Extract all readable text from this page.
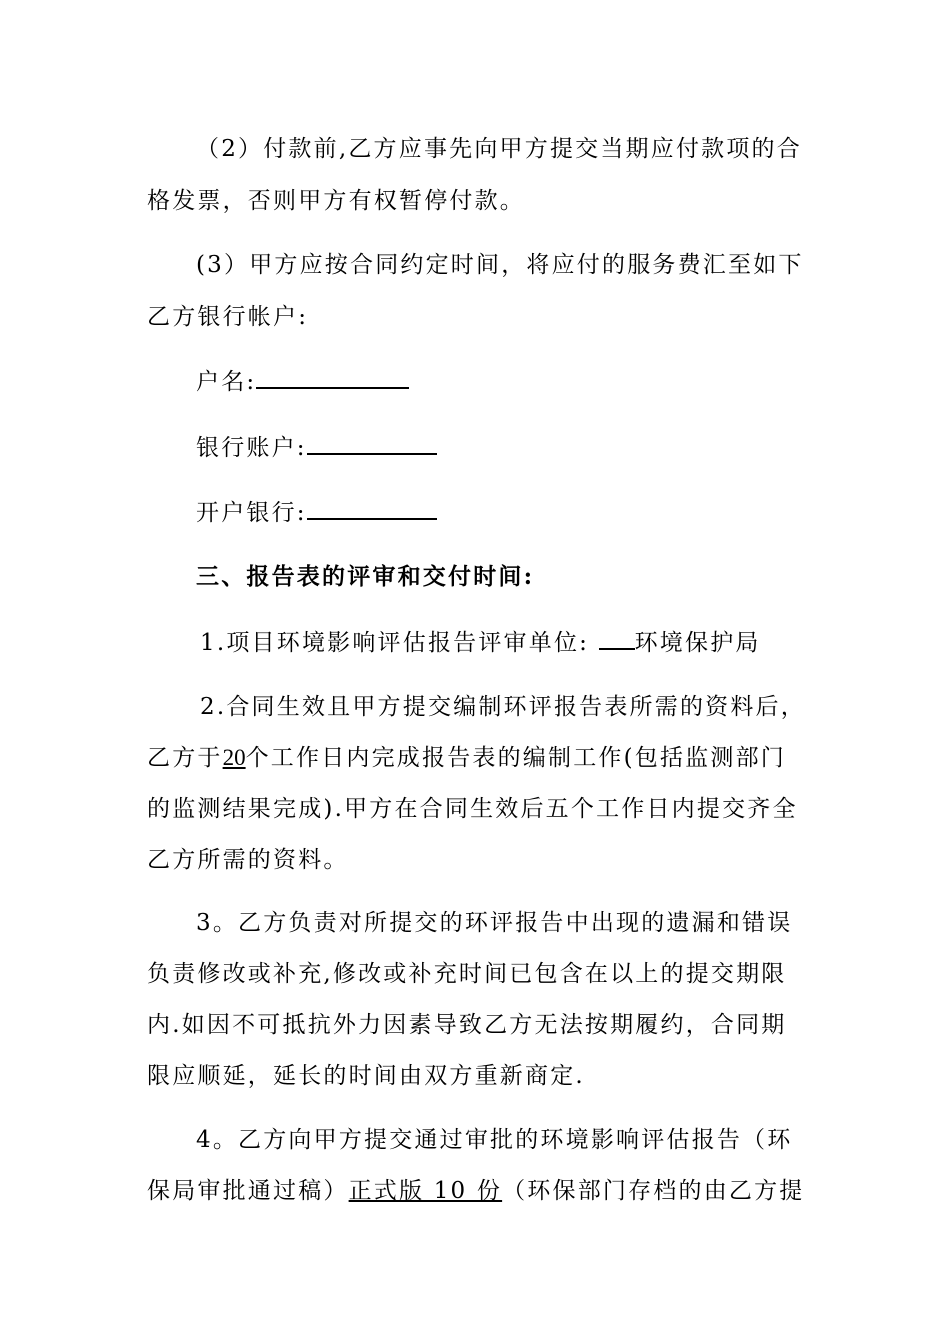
（2）付款前,乙方应事先向甲方提交当期应付款项的合
格发票，否则甲方有权暂停付款。
(3）甲方应按合同约定时间，将应付的服务费汇至如下
乙方银行帐户:
户名:
银行账户:
开户银行:
三、报告表的评审和交付时间:
1.项目环境影响评估报告评审单位: 环境保护局
2.合同生效且甲方提交编制环评报告表所需的资料后，
乙方于20个工作日内完成报告表的编制工作(包括监测部门
的监测结果完成).甲方在合同生效后五个工作日内提交齐全
乙方所需的资料。
3。乙方负责对所提交的环评报告中出现的遗漏和错误
负责修改或补充,修改或补充时间已包含在以上的提交期限
内.如因不可抵抗外力因素导致乙方无法按期履约，合同期
限应顺延，延长的时间由双方重新商定.
4。乙方向甲方提交通过审批的环境影响评估报告（环
保局审批通过稿）正式版 10 份（环保部门存档的由乙方提
